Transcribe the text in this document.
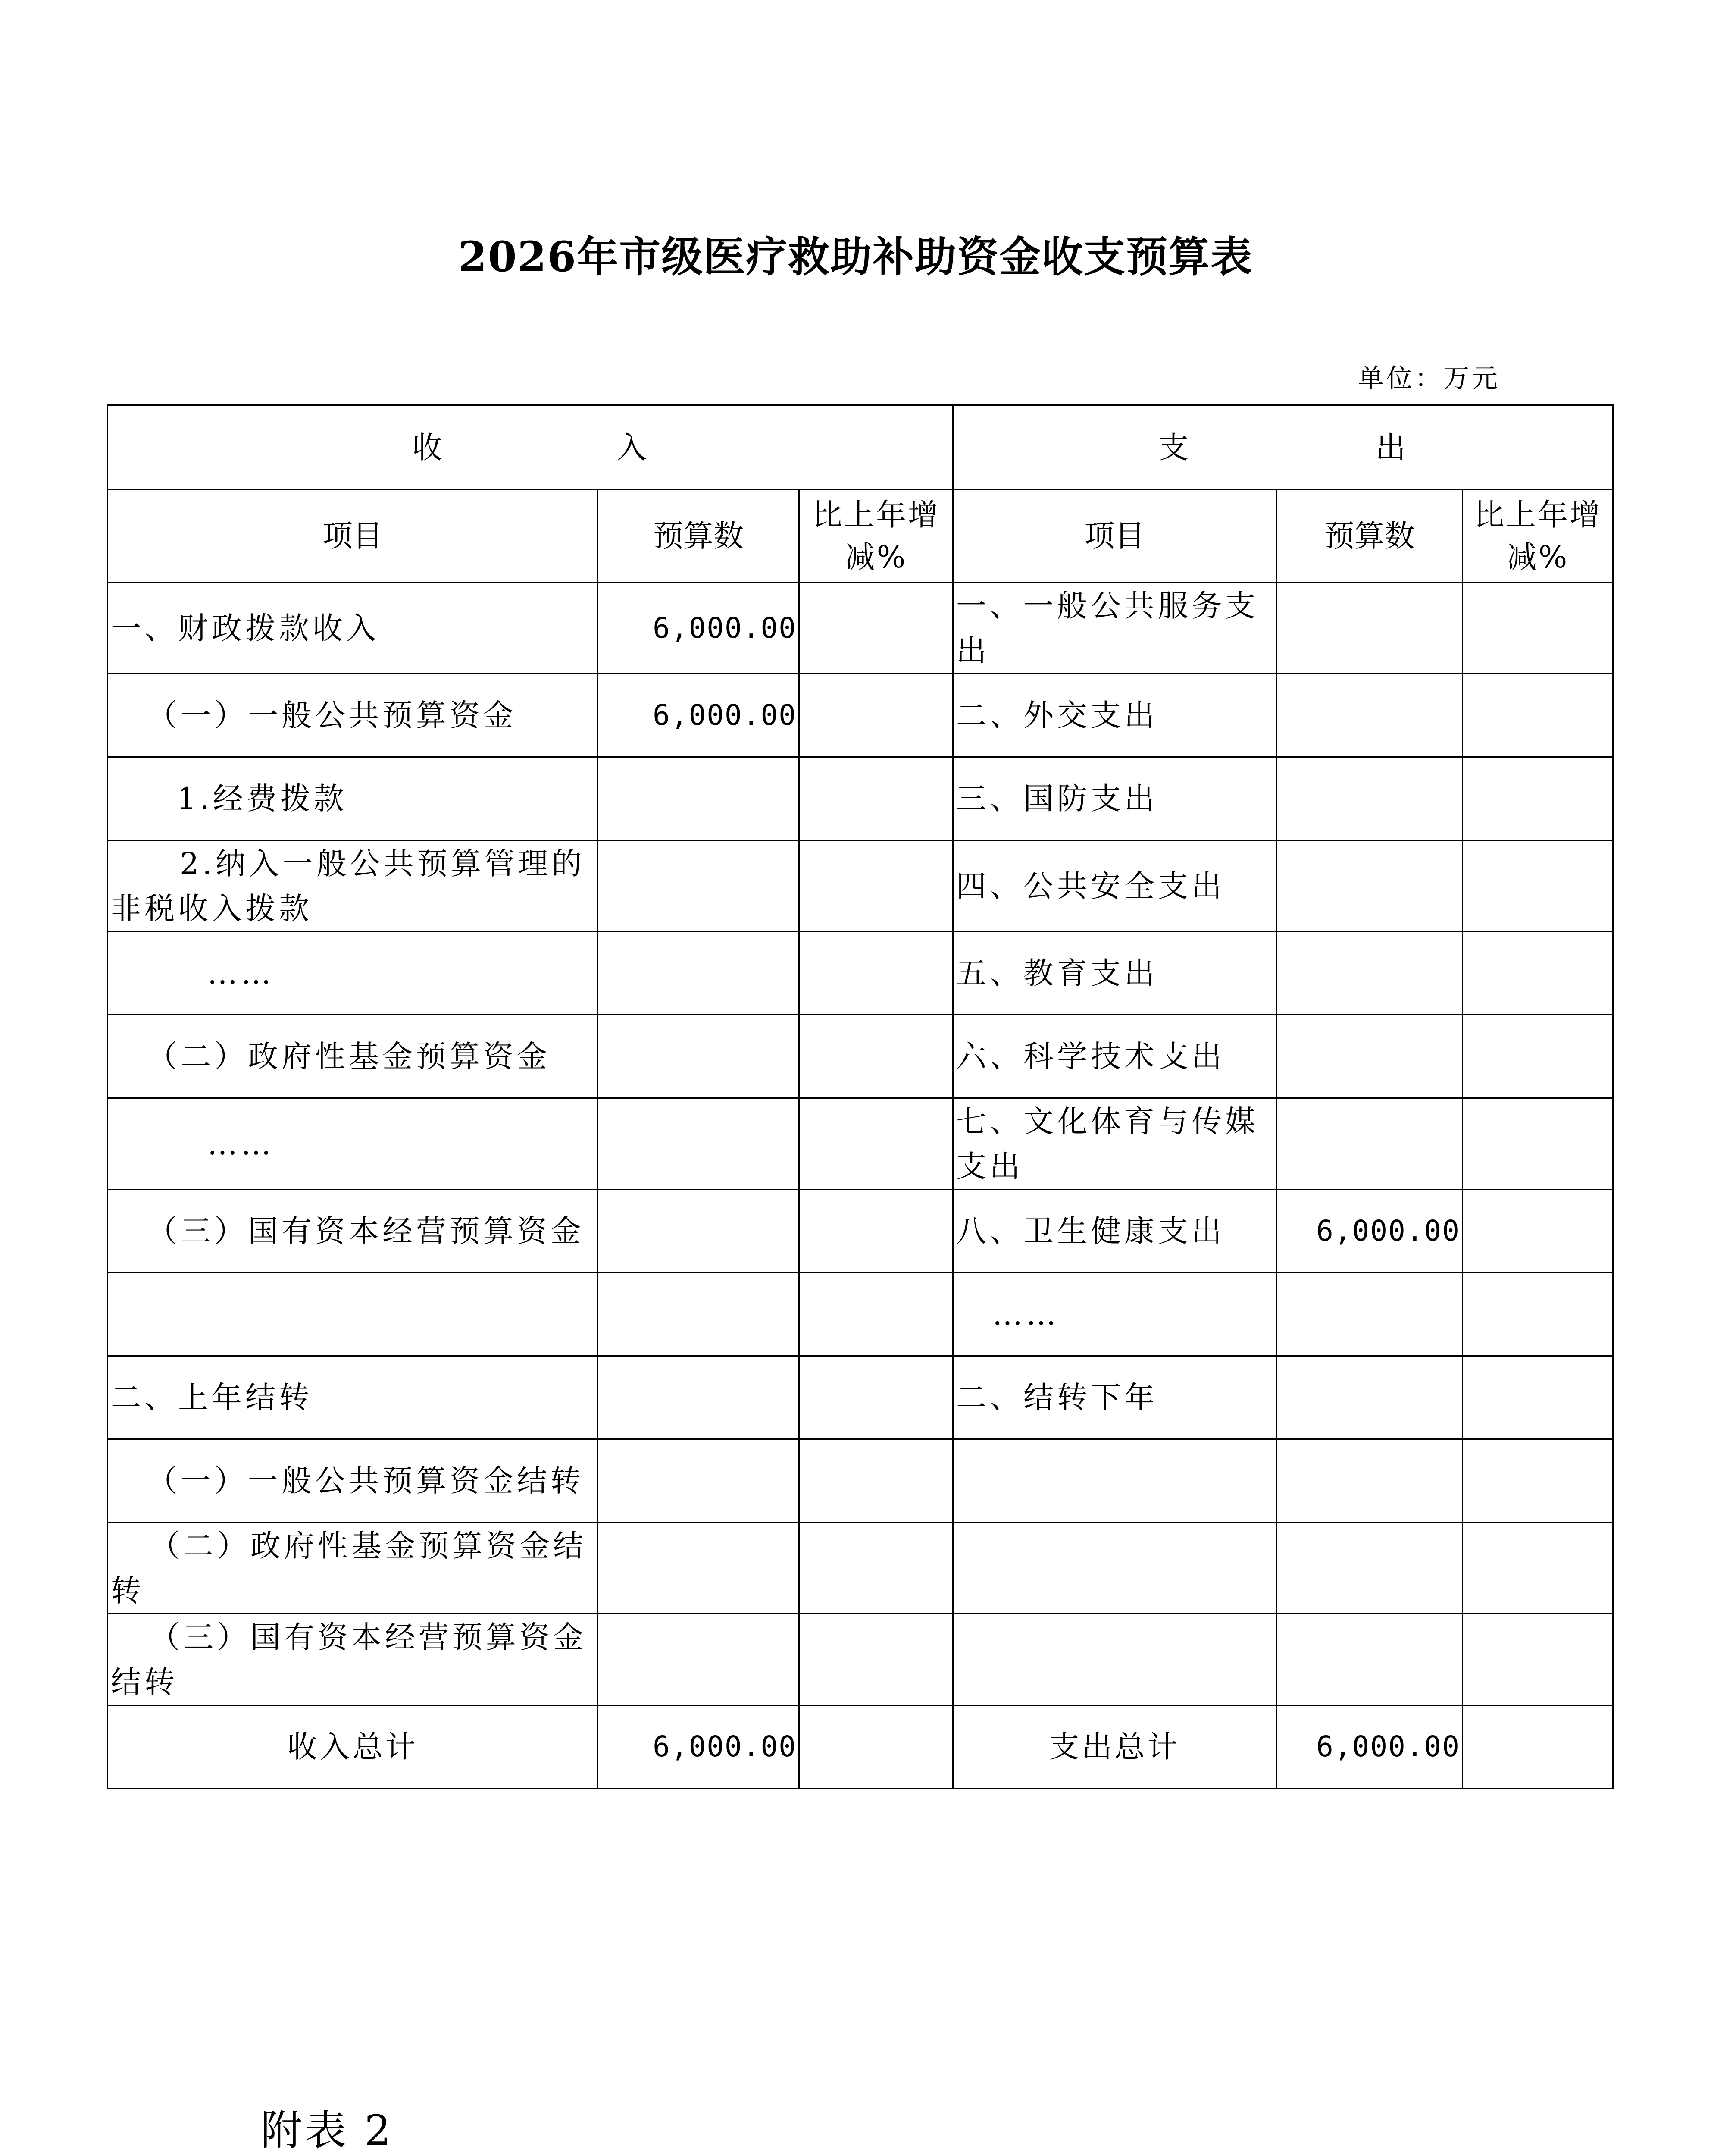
2026年市级医疗救助补助资金收支预算表
单位：万元
收 入			支 出		
项目	预算数	比上年增减%	项目	预算数	比上年增减%
一、财政拨款收入	6,000.00		一、一般公共服务支出		
（一）一般公共预算资金	6,000.00		二、外交支出		
1.经费拨款			三、国防支出		
2.纳入一般公共预算管理的非税收入拨款			四、公共安全支出		
……			五、教育支出		
（二）政府性基金预算资金			六、科学技术支出		
……			七、文化体育与传媒支出		
（三）国有资本经营预算资金			八、卫生健康支出	6,000.00	
			……		
二、上年结转			二、结转下年		
（一）一般公共预算资金结转					
（二）政府性基金预算资金结转					
（三）国有资本经营预算资金结转					
收入总计	6,000.00		支出总计	6,000.00	
附表 2
